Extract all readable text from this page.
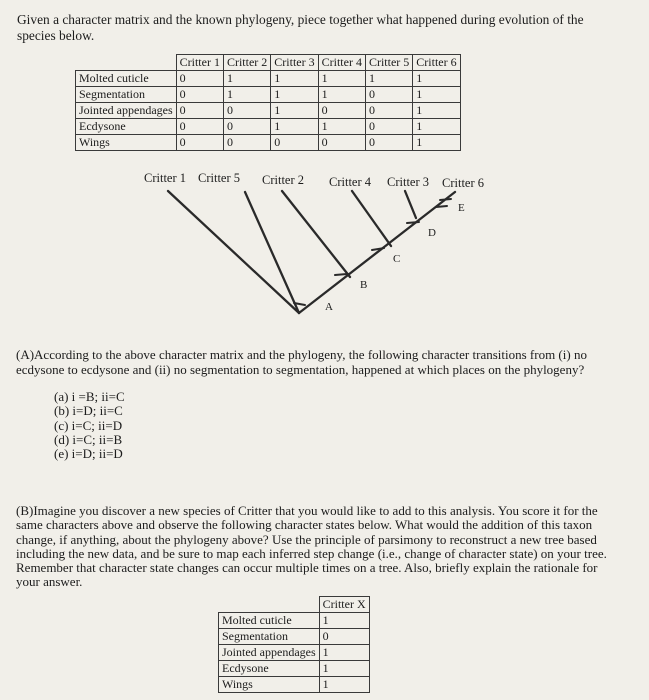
Given a character matrix and the known phylogeny, piece together what happened during evolution of the species below.
	Critter 1	Critter 2	Critter 3	Critter 4	Critter 5	Critter 6
Molted cuticle	0	1	1	1	1	1
Segmentation	0	1	1	1	0	1
Jointed appendages	0	0	1	0	0	1
Ecdysone	0	0	1	1	0	1
Wings	0	0	0	0	0	1
Critter 1 Critter 5 Critter 2 Critter 4 Critter 3 Critter 6
A
B
C
D
E
(A)According to the above character matrix and the phylogeny, the following character transitions from (i) no ecdysone to ecdysone and (ii) no segmentation to segmentation, happened at which places on the phylogeny?
(a) i =B; ii=C
(b) i=D; ii=C
(c) i=C; ii=D
(d) i=C; ii=B
(e) i=D; ii=D
(B)Imagine you discover a new species of Critter that you would like to add to this analysis. You score it for the same characters above and observe the following character states below. What would the addition of this taxon change, if anything, about the phylogeny above? Use the principle of parsimony to reconstruct a new tree based including the new data, and be sure to map each inferred step change (i.e., change of character state) on your tree. Remember that character state changes can occur multiple times on a tree. Also, briefly explain the rationale for your answer.
	Critter X
Molted cuticle	1
Segmentation	0
Jointed appendages	1
Ecdysone	1
Wings	1
